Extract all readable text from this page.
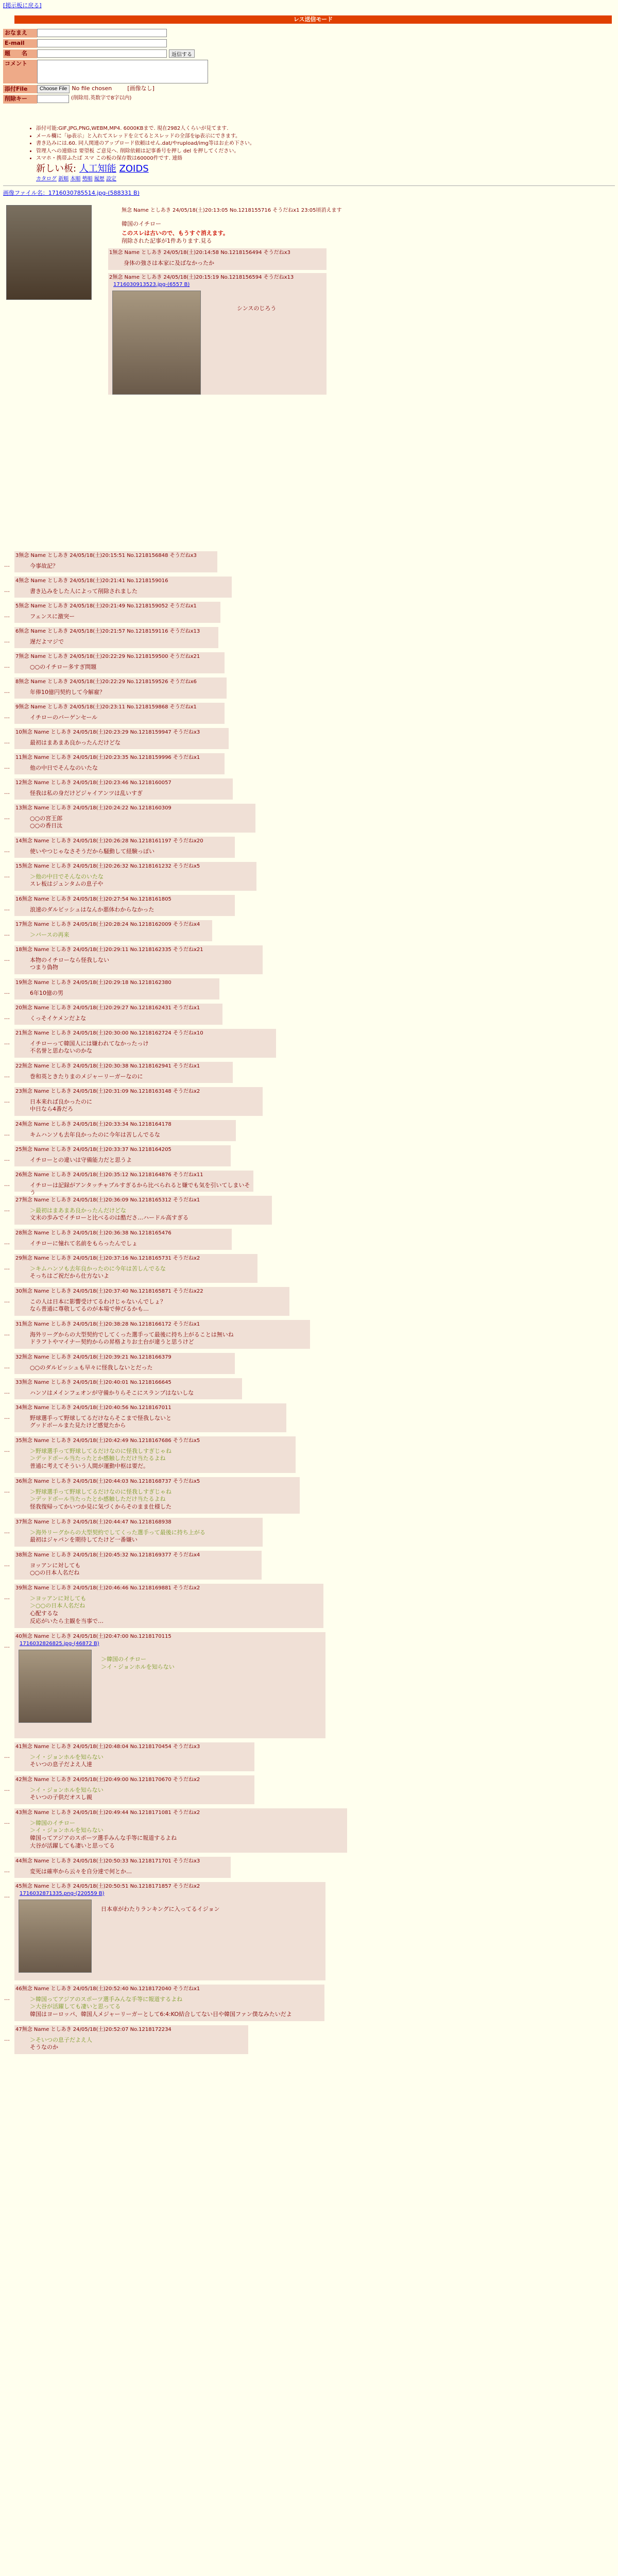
[掲示板に戻る]
レス送信モード
おなまえ
E-mail
題　　名	返信する
コメント
添付File	Choose File No file chosen	[画像なし]
削除キー	(削除用.英数字で8字以内)
• 添付可能:GIF,JPG,PNG,WEBM,MP4. 6000KBまで. 現在2982人くらいが見てます.
• メール欄に「ip表示」と入れてスレッドを立てるとスレッドの全部をip表示にできます。
• 書き込みには.60. 同人関連のアップロード依頼はせん.dat/やrupload/img等はお止め下さい。
• 管理人への連絡は 要望板 ご意見へ. 削除依頼は記事番号を押し del を押してください。
• スマホ・携帯ふたば スマ この板の保存数は60000件です. 連絡
新しい板: 人工知能 ZOIDS
カタログ 新順 本順 勢順 履歴 設定
画像ファイル名：1716030785514.jpg-(588331 B)
無念 Name としあき 24/05/18(土)20:13:05 No.1218155716 そうだねx1 23:05頃消えます
韓国のイチロー
このスレは古いので、もうすぐ消えます。
削除された記事が1件あります.見る
1無念 Name としあき 24/05/18(土)20:14:58 No.1218156494 そうだねx3
身体の強さは本家に及ばなかったか
2無念 Name としあき 24/05/18(土)20:15:19 No.1218156594 そうだねx13
1716030913523.jpg-(6557 B)
シンスのじろう
…
3無念 Name としあき 24/05/18(土)20:15:51 No.1218156848 そうだねx3
今事故記？
…
4無念 Name としあき 24/05/18(土)20:21:41 No.1218159016
書き込みをした人によって削除されました
…
5無念 Name としあき 24/05/18(土)20:21:49 No.1218159052 そうだねx1
フェンスに激突ー
…
6無念 Name としあき 24/05/18(土)20:21:57 No.1218159116 そうだねx13
遅だよマジで
…
7無念 Name としあき 24/05/18(土)20:22:29 No.1218159500 そうだねx21
○○のイチロー多すぎ問題
…
8無念 Name としあき 24/05/18(土)20:22:29 No.1218159526 そうだねx6
年俸10億円契約して今解雇？
…
9無念 Name としあき 24/05/18(土)20:23:11 No.1218159868 そうだねx1
イチローのバーゲンセール
…
10無念 Name としあき 24/05/18(土)20:23:29 No.1218159947 そうだねx3
最初はまあまあ良かったんだけどな
…
11無念 Name としあき 24/05/18(土)20:23:35 No.1218159996 そうだねx1
他の中日でそんなのいたな
…
12無念 Name としあき 24/05/18(土)20:23:46 No.1218160057
怪我は私の身だけどジャイアンツは乱いすぎ
…
13無念 Name としあき 24/05/18(土)20:24:22 No.1218160309
○○の宮王郎
○○の香日汰
…
14無念 Name としあき 24/05/18(土)20:26:28 No.1218161197 そうだねx20
使いやつじゃなさそうだから騒動して経験っぽい
…
15無念 Name としあき 24/05/18(土)20:26:32 No.1218161232 そうだねx5
＞他の中日でそんなのいたな
スレ板はジュンタムの息子や
…
16無念 Name としあき 24/05/18(土)20:27:54 No.1218161805
浪速のダルビッシュはなんか悪体わからなかった
…
17無念 Name としあき 24/05/18(土)20:28:24 No.1218162009 そうだねx4
＞バースの再来
…
18無念 Name としあき 24/05/18(土)20:29:11 No.1218162335 そうだねx21
本物のイチローなら怪我しない
つまり偽物
…
19無念 Name としあき 24/05/18(土)20:29:18 No.1218162380
6年10億の男
…
20無念 Name としあき 24/05/18(土)20:29:27 No.1218162431 そうだねx1
くっそイケメンだよな
…
21無念 Name としあき 24/05/18(土)20:30:00 No.1218162724 そうだねx10
イチローって韓国人には嫌われてなかったっけ
不名誉と思わないのかな
…
22無念 Name としあき 24/05/18(土)20:30:38 No.1218162941 そうだねx1
巻和英ときたりまのメジャーリーガーなのに
…
23無念 Name としあき 24/05/18(土)20:31:09 No.1218163148 そうだねx2
日本来れば良かったのに
中日なら4番だろ
…
24無念 Name としあき 24/05/18(土)20:33:34 No.1218164178
キムハンソも去年良かったのに今年は苦しんでるな
…
25無念 Name としあき 24/05/18(土)20:33:37 No.1218164205
イチローとの違いは守備能力だと思うよ
…
26無念 Name としあき 24/05/18(土)20:35:12 No.1218164876 そうだねx11
イチローは記録がアンタッチャブルすぎるから比べられると嫌でも気を引いてしまいそう
…
27無念 Name としあき 24/05/18(土)20:36:09 No.1218165312 そうだねx1
＞最初はまあまあ良かったんだけどな
文末の歩みでイチローと比べるのは酷ださ…ハードル高すぎる
…
28無念 Name としあき 24/05/18(土)20:36:38 No.1218165476
イチローに憧れて名前をもらったんでしょ
…
29無念 Name としあき 24/05/18(土)20:37:16 No.1218165731 そうだねx2
＞キムハンソも去年良かったのに今年は苦しんでるな
そっちはご祝だから仕方ないよ
…
30無念 Name としあき 24/05/18(土)20:37:40 No.1218165871 そうだねx22
この人は日本に影響受けてるわけじゃないんでしょ？
なら普通に尊敬してるのが本場で伸びるかも…
…
31無念 Name としあき 24/05/18(土)20:38:28 No.1218166172 そうだねx1
海外リーグからの大型契約でしてくった選手って最後に持ち上がることは無いね
ドラフトやマイナー契約からの昇格よりお土台が違うと思うけど
…
32無念 Name としあき 24/05/18(土)20:39:21 No.1218166379
○○のダルビッシュも早々に怪我しないとだった
…
33無念 Name としあき 24/05/18(土)20:40:01 No.1218166645
ハンソはメインフェオンが守備かりらそこにスランプはないしな
…
34無念 Name としあき 24/05/18(土)20:40:56 No.1218167011
野球選手って野球してるだけならそこまで怪我しないと
グッドボールまた見たけど感覚たから
…
35無念 Name としあき 24/05/18(土)20:42:49 No.1218167686 そうだねx5
＞野球選手って野球してるだけなのに怪我しすぎじゃね
＞デッドボール当たったとか感触しただけ当たるよね
普通に考えてそういう人間が運動中枢は要だ。
…
36無念 Name としあき 24/05/18(土)20:44:03 No.1218168737 そうだねx5
＞野球選手って野球してるだけなのに怪我しすぎじゃね
＞デッドボール当たったとか感触しただけ当たるよね
怪我復帰ってかいつか見に気づくからそのまま仕様した
…
37無念 Name としあき 24/05/18(土)20:44:47 No.1218168938
＞海外リーグからの大型契約でしてくった選手って最後に持ち上がる
最初はジャパンを期待してたけど一番嫌い
…
38無念 Name としあき 24/05/18(土)20:45:32 No.1218169377 そうだねx4
ヨッアンに対しても
○○の日本人名だね
…
39無念 Name としあき 24/05/18(土)20:46:46 No.1218169881 そうだねx2
＞ヨッアンに対しても
＞○○の日本人名だね
心配するな
反応がいたら主観を当事で…
…
40無念 Name としあき 24/05/18(土)20:47:00 No.1218170115
1716032826825.jpg-(46872 B)
＞韓国のイチロー
＞イ・ジョンホルを知らない
…
41無念 Name としあき 24/05/18(土)20:48:04 No.1218170454 そうだねx3
＞イ・ジョンホルを知らない
そいつの息子だよえ人達
…
42無念 Name としあき 24/05/18(土)20:49:00 No.1218170670 そうだねx2
＞イ・ジョンホルを知らない
そいつの子供だオスし親
…
43無念 Name としあき 24/05/18(土)20:49:44 No.1218171081 そうだねx2
＞韓国のイチロー
＞イ・ジョンホルを知らない
韓国ってアジアのスポーツ選手みんな手等に報道するよね
大谷が活躍しても凄いと思ってる
…
44無念 Name としあき 24/05/18(土)20:50:33 No.1218171701 そうだねx3
変死は確率から云々を自分達で何とか…
…
45無念 Name としあき 24/05/18(土)20:50:51 No.1218171857 そうだねx2
1716032871335.png-(220559 B)
日本車がわたりランキングに入ってるイジョン
…
46無念 Name としあき 24/05/18(土)20:52:40 No.1218172040 そうだねx1
＞韓国ってアジアのスポーツ選手みんな手等に報道するよね
＞大谷が活躍しても凄いと思ってる
韓国はヨーロッパ、韓国人メジャーリーガーとして6:4:KO結合してない目や韓国ファン僕なみたいだよ
…
47無念 Name としあき 24/05/18(土)20:52:07 No.1218172234
＞そいつの息子だよえ人
そうなのか
